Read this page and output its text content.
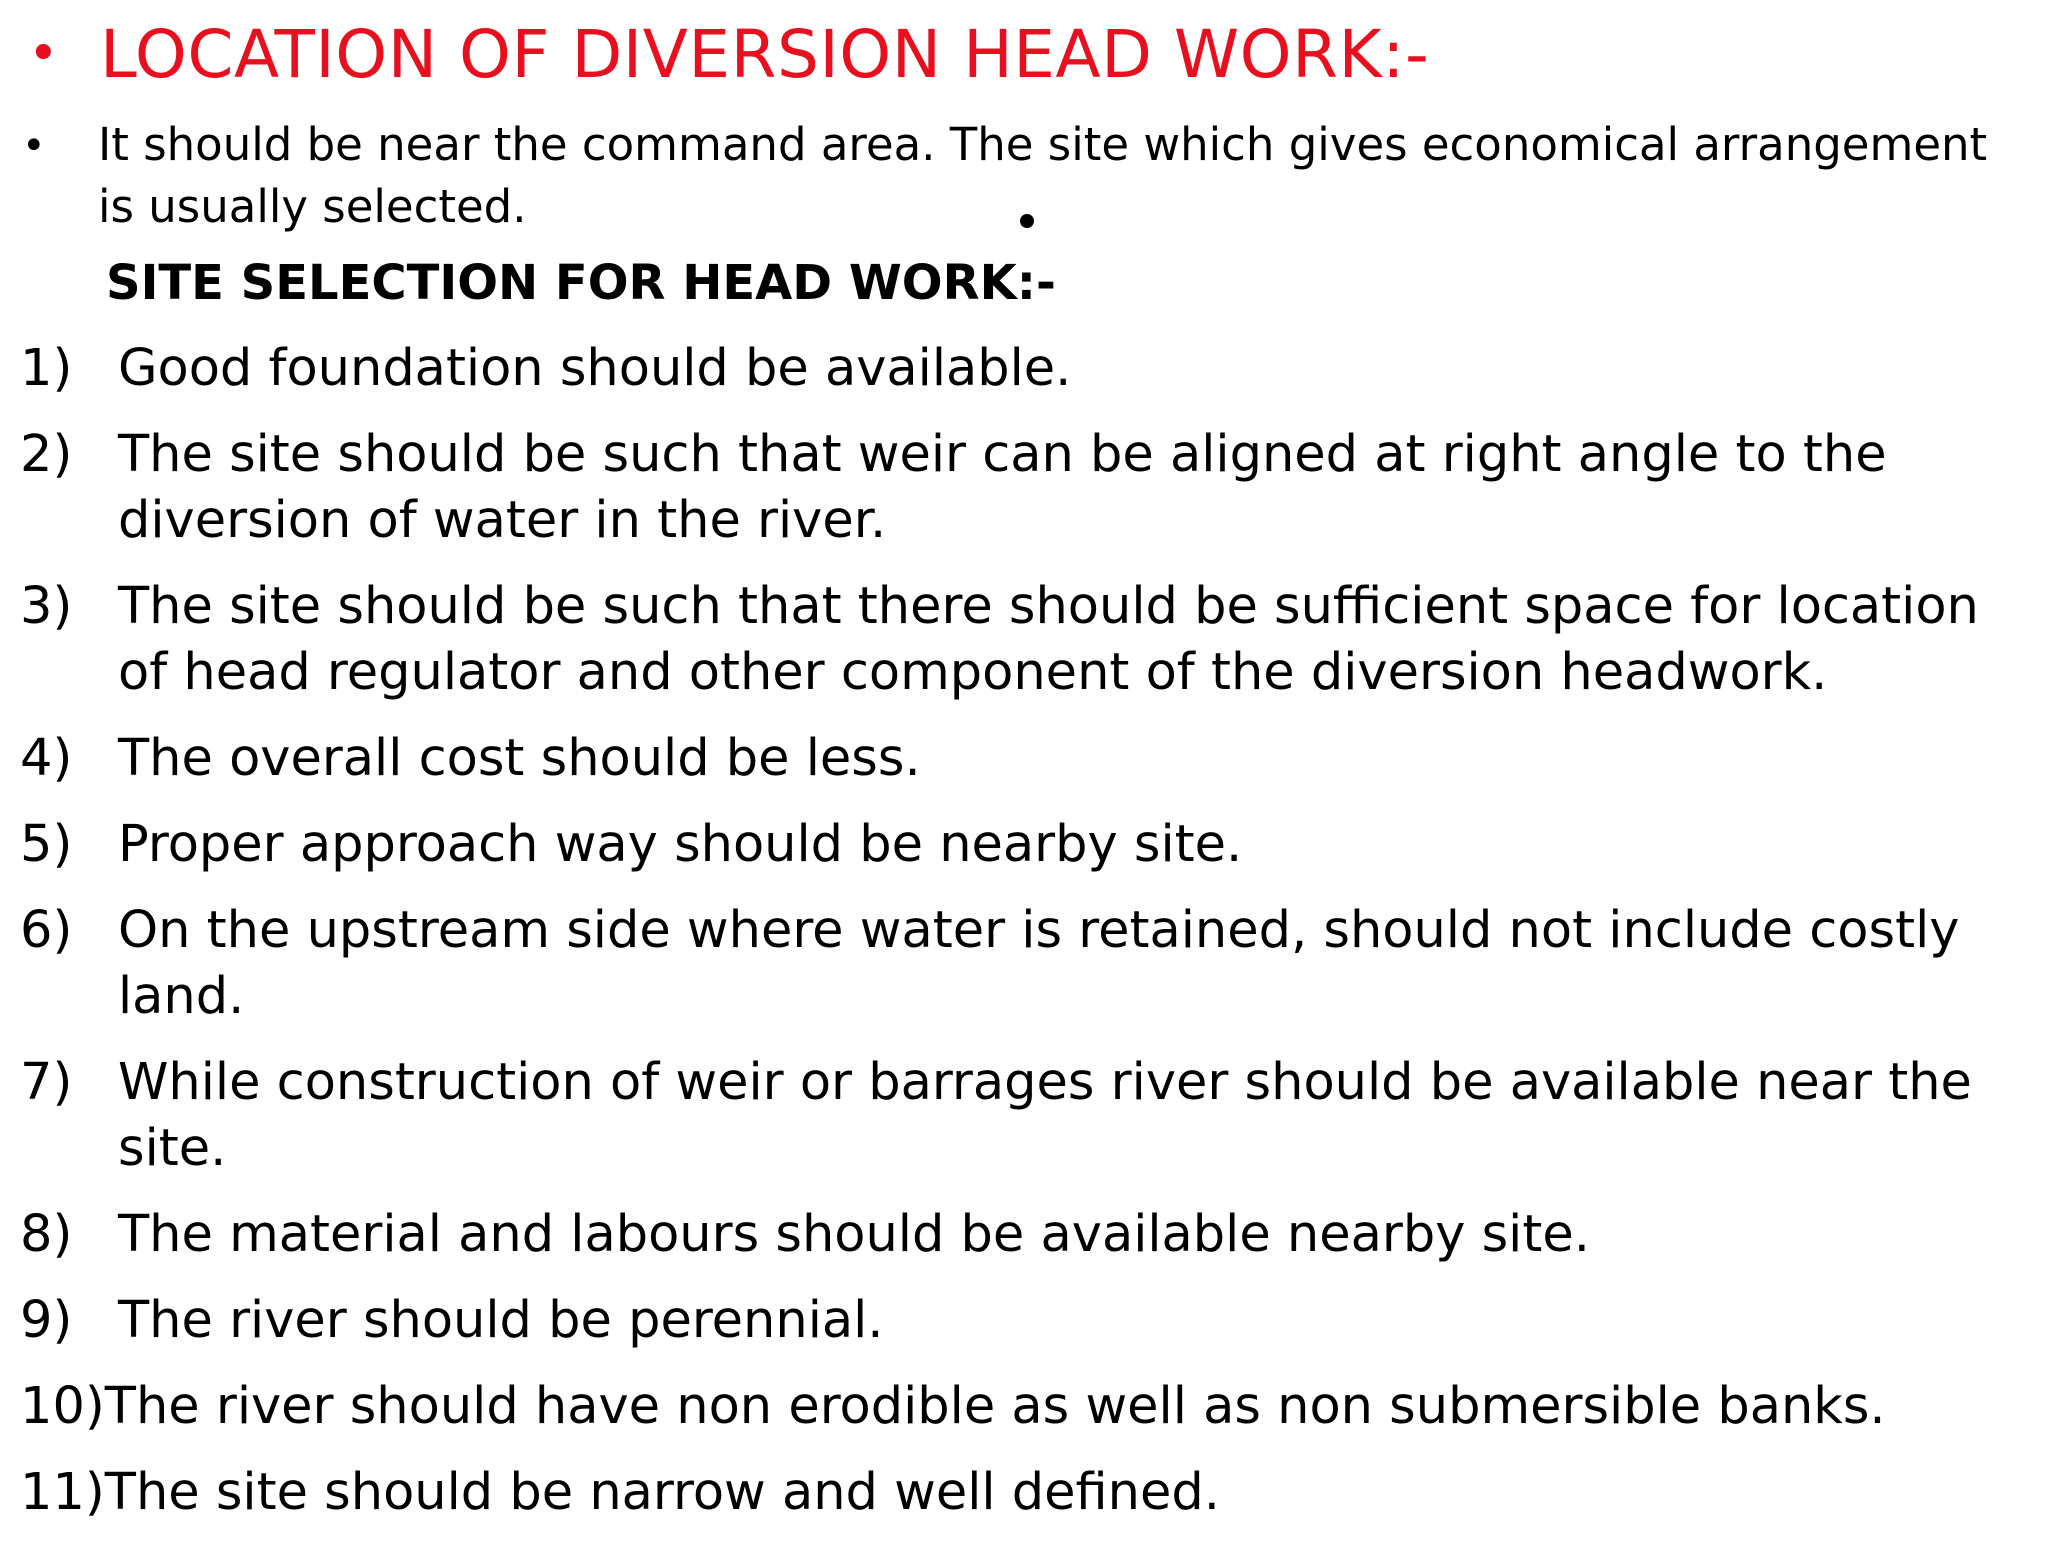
• LOCATION OF DIVERSION HEAD WORK:-
•	It should be near the command area. The site which gives economical arrangement is usually selected.
SITE SELECTION FOR HEAD WORK:-
1) Good foundation should be available.
2) The site should be such that weir can be aligned at right angle to the diversion of water in the river.
3) The site should be such that there should be sufficient space for location of head regulator and other component of the diversion headwork.
4) The overall cost should be less.
5) Proper approach way should be nearby site.
6) On the upstream side where water is retained, should not include costly land.
7) While construction of weir or barrages river should be available near the site.
8) The material and labours should be available nearby site.
9) The river should be perennial.
10) The river should have non erodible as well as non submersible banks.
11) The site should be narrow and well defined.
